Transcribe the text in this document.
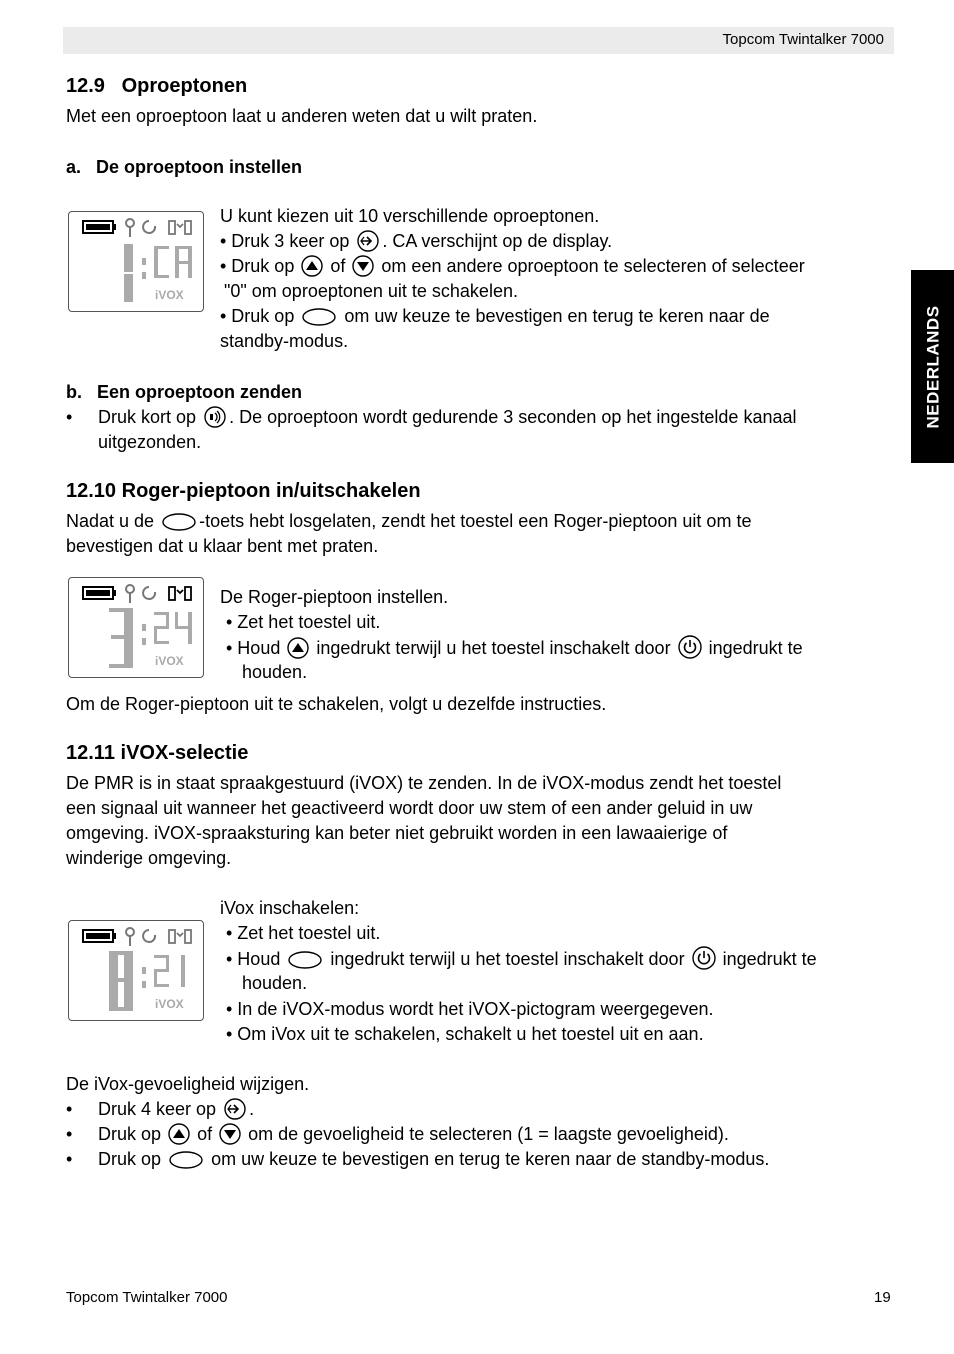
Topcom Twintalker 7000
NEDERLANDS
12.9 Oproeptonen
Met een oproeptoon laat u anderen weten dat u wilt praten.
a. De oproeptoon instellen
iVOX
U kunt kiezen uit 10 verschillende oproeptonen.
• Druk 3 keer op . CA verschijnt op de display.
• Druk op of om een andere oproeptoon te selecteren of selecteer
"0" om oproeptonen uit te schakelen.
• Druk op	om uw keuze te bevestigen en terug te keren naar de
standby-modus.
b. Een oproeptoon zenden
• Druk kort op . De oproeptoon wordt gedurende 3 seconden op het ingestelde kanaal
uitgezonden.
12.10 Roger-pieptoon in/uitschakelen
Nadat u de	-toets hebt losgelaten, zendt het toestel een Roger-pieptoon uit om te
bevestigen dat u klaar bent met praten.
iVOX
De Roger-pieptoon instellen.
• Zet het toestel uit.
• Houd ingedrukt terwijl u het toestel inschakelt door ingedrukt te
houden.
Om de Roger-pieptoon uit te schakelen, volgt u dezelfde instructies.
12.11 iVOX-selectie
De PMR is in staat spraakgestuurd (iVOX) te zenden. In de iVOX-modus zendt het toestel
een signaal uit wanneer het geactiveerd wordt door uw stem of een ander geluid in uw
omgeving. iVOX-spraaksturing kan beter niet gebruikt worden in een lawaaierige of
winderige omgeving.
iVOX
iVox inschakelen:
• Zet het toestel uit.
• Houd	ingedrukt terwijl u het toestel inschakelt door ingedrukt te
houden.
• In de iVOX-modus wordt het iVOX-pictogram weergegeven.
• Om iVox uit te schakelen, schakelt u het toestel uit en aan.
De iVox-gevoeligheid wijzigen.
• Druk 4 keer op .
• Druk op of om de gevoeligheid te selecteren (1 = laagste gevoeligheid).
• Druk op	om uw keuze te bevestigen en terug te keren naar de standby-modus.
Topcom Twintalker 7000	19
